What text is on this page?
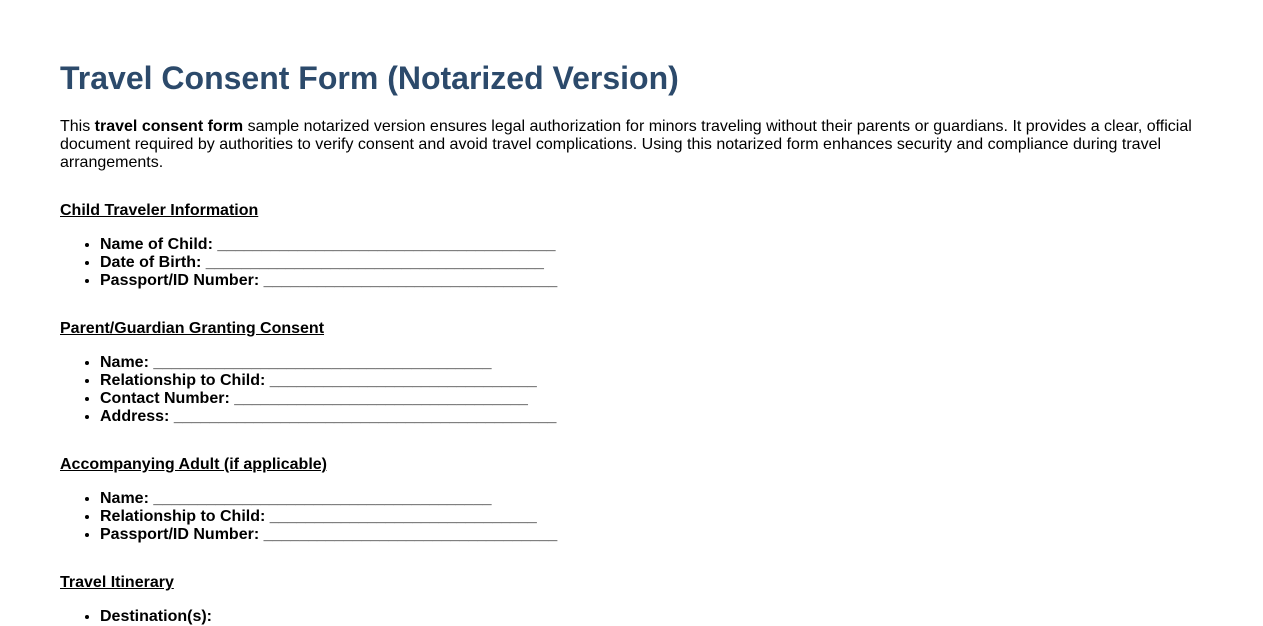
Travel Consent Form (Notarized Version)

This travel consent form sample notarized version ensures legal authorization for minors traveling without their parents or guardians. It provides a clear, official document required by authorities to verify consent and avoid travel complications. Using this notarized form enhances security and compliance during travel arrangements.

Child Traveler Information

• Name of Child: ______________________________________
• Date of Birth: ______________________________________
• Passport/ID Number: _________________________________

Parent/Guardian Granting Consent

• Name: ______________________________________
• Relationship to Child: ______________________________
• Contact Number: _________________________________
• Address: ___________________________________________

Accompanying Adult (if applicable)

• Name: ______________________________________
• Relationship to Child: ______________________________
• Passport/ID Number: _________________________________

Travel Itinerary

• Destination(s):
